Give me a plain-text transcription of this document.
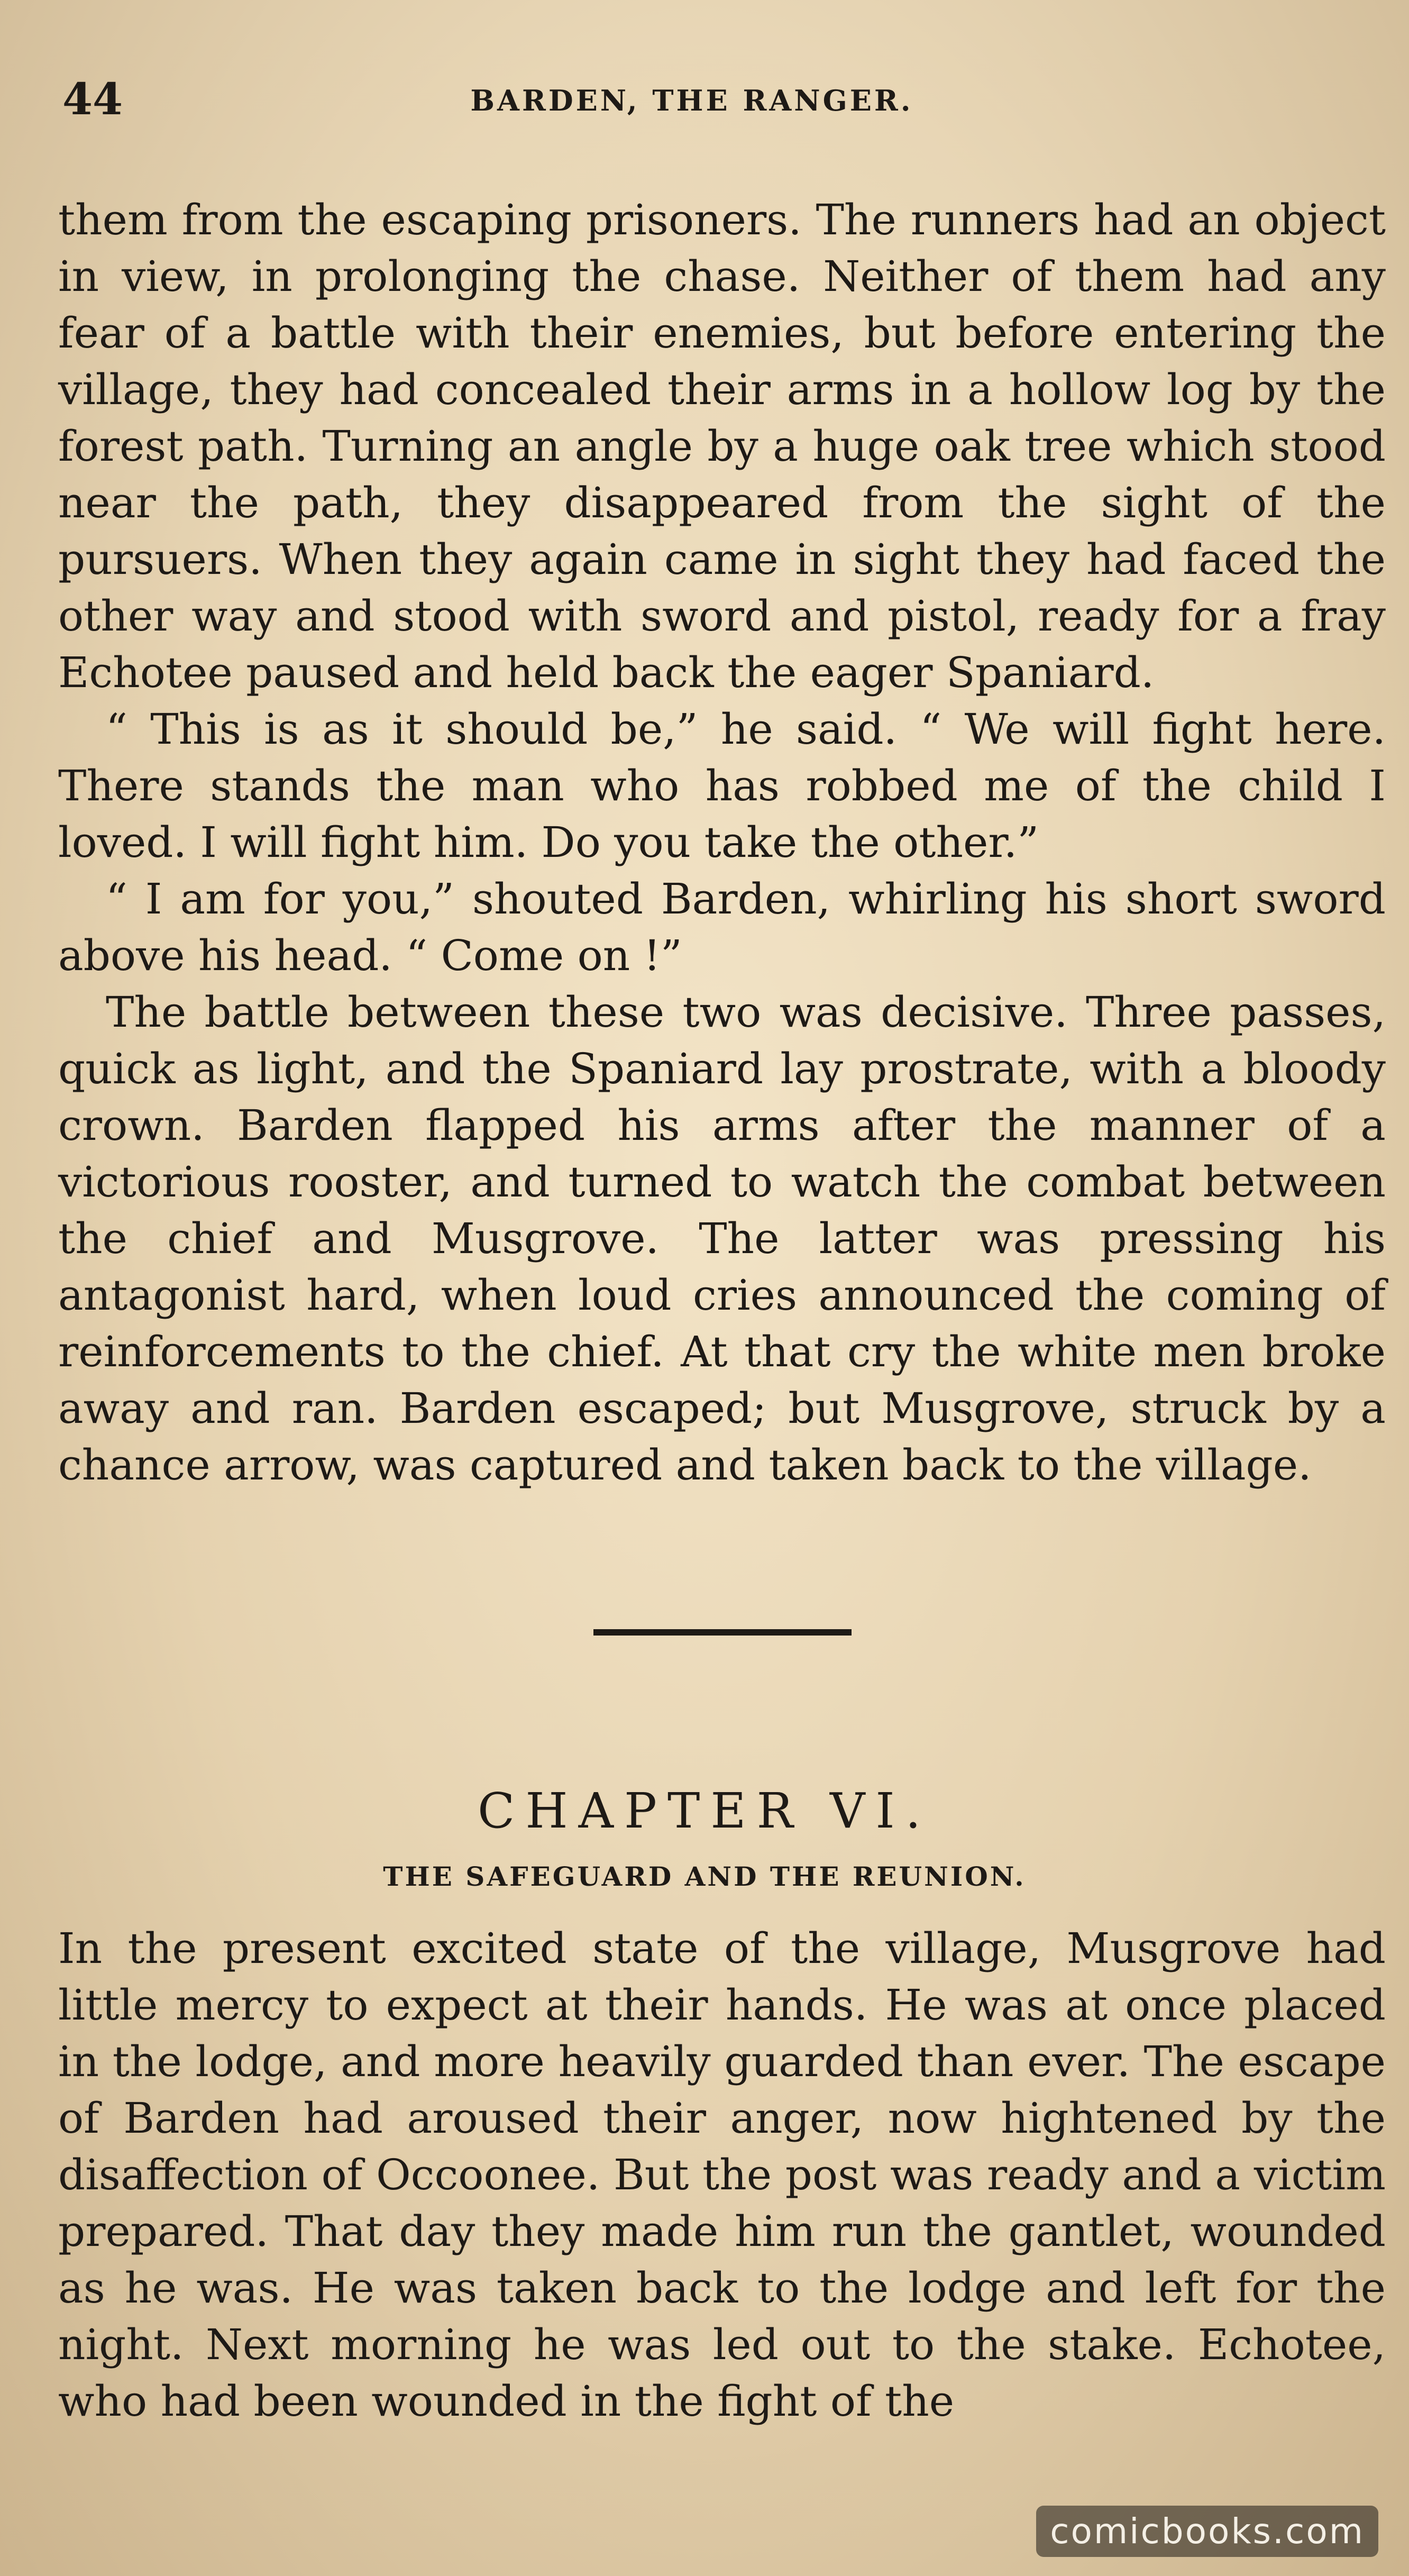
44	BARDEN, THE RANGER.

them from the escaping prisoners. The runners had an object in view, in prolonging the chase. Neither of them had any fear of a battle with their enemies, but before entering the village, they had concealed their arms in a hollow log by the forest path. Turning an angle by a huge oak tree which stood near the path, they disappeared from the sight of the pursuers. When they again came in sight they had faced the other way and stood with sword and pistol, ready for a fray Echotee paused and held back the eager Spaniard.

“ This is as it should be,” he said. “ We will fight here. There stands the man who has robbed me of the child I loved. I will fight him. Do you take the other.”

“ I am for you,” shouted Barden, whirling his short sword above his head. “ Come on !”

The battle between these two was decisive. Three passes, quick as light, and the Spaniard lay prostrate, with a bloody crown. Barden flapped his arms after the manner of a victorious rooster, and turned to watch the combat between the chief and Musgrove. The latter was pressing his antagonist hard, when loud cries announced the coming of reinforcements to the chief. At that cry the white men broke away and ran. Barden escaped; but Musgrove, struck by a chance arrow, was captured and taken back to the village.

CHAPTER VI.
THE SAFEGUARD AND THE REUNION.

In the present excited state of the village, Musgrove had little mercy to expect at their hands. He was at once placed in the lodge, and more heavily guarded than ever. The escape of Barden had aroused their anger, now hightened by the disaffection of Occoonee. But the post was ready and a victim prepared. That day they made him run the gantlet, wounded as he was. He was taken back to the lodge and left for the night. Next morning he was led out to the stake. Echotee, who had been wounded in the fight of the

comicbooks.com
